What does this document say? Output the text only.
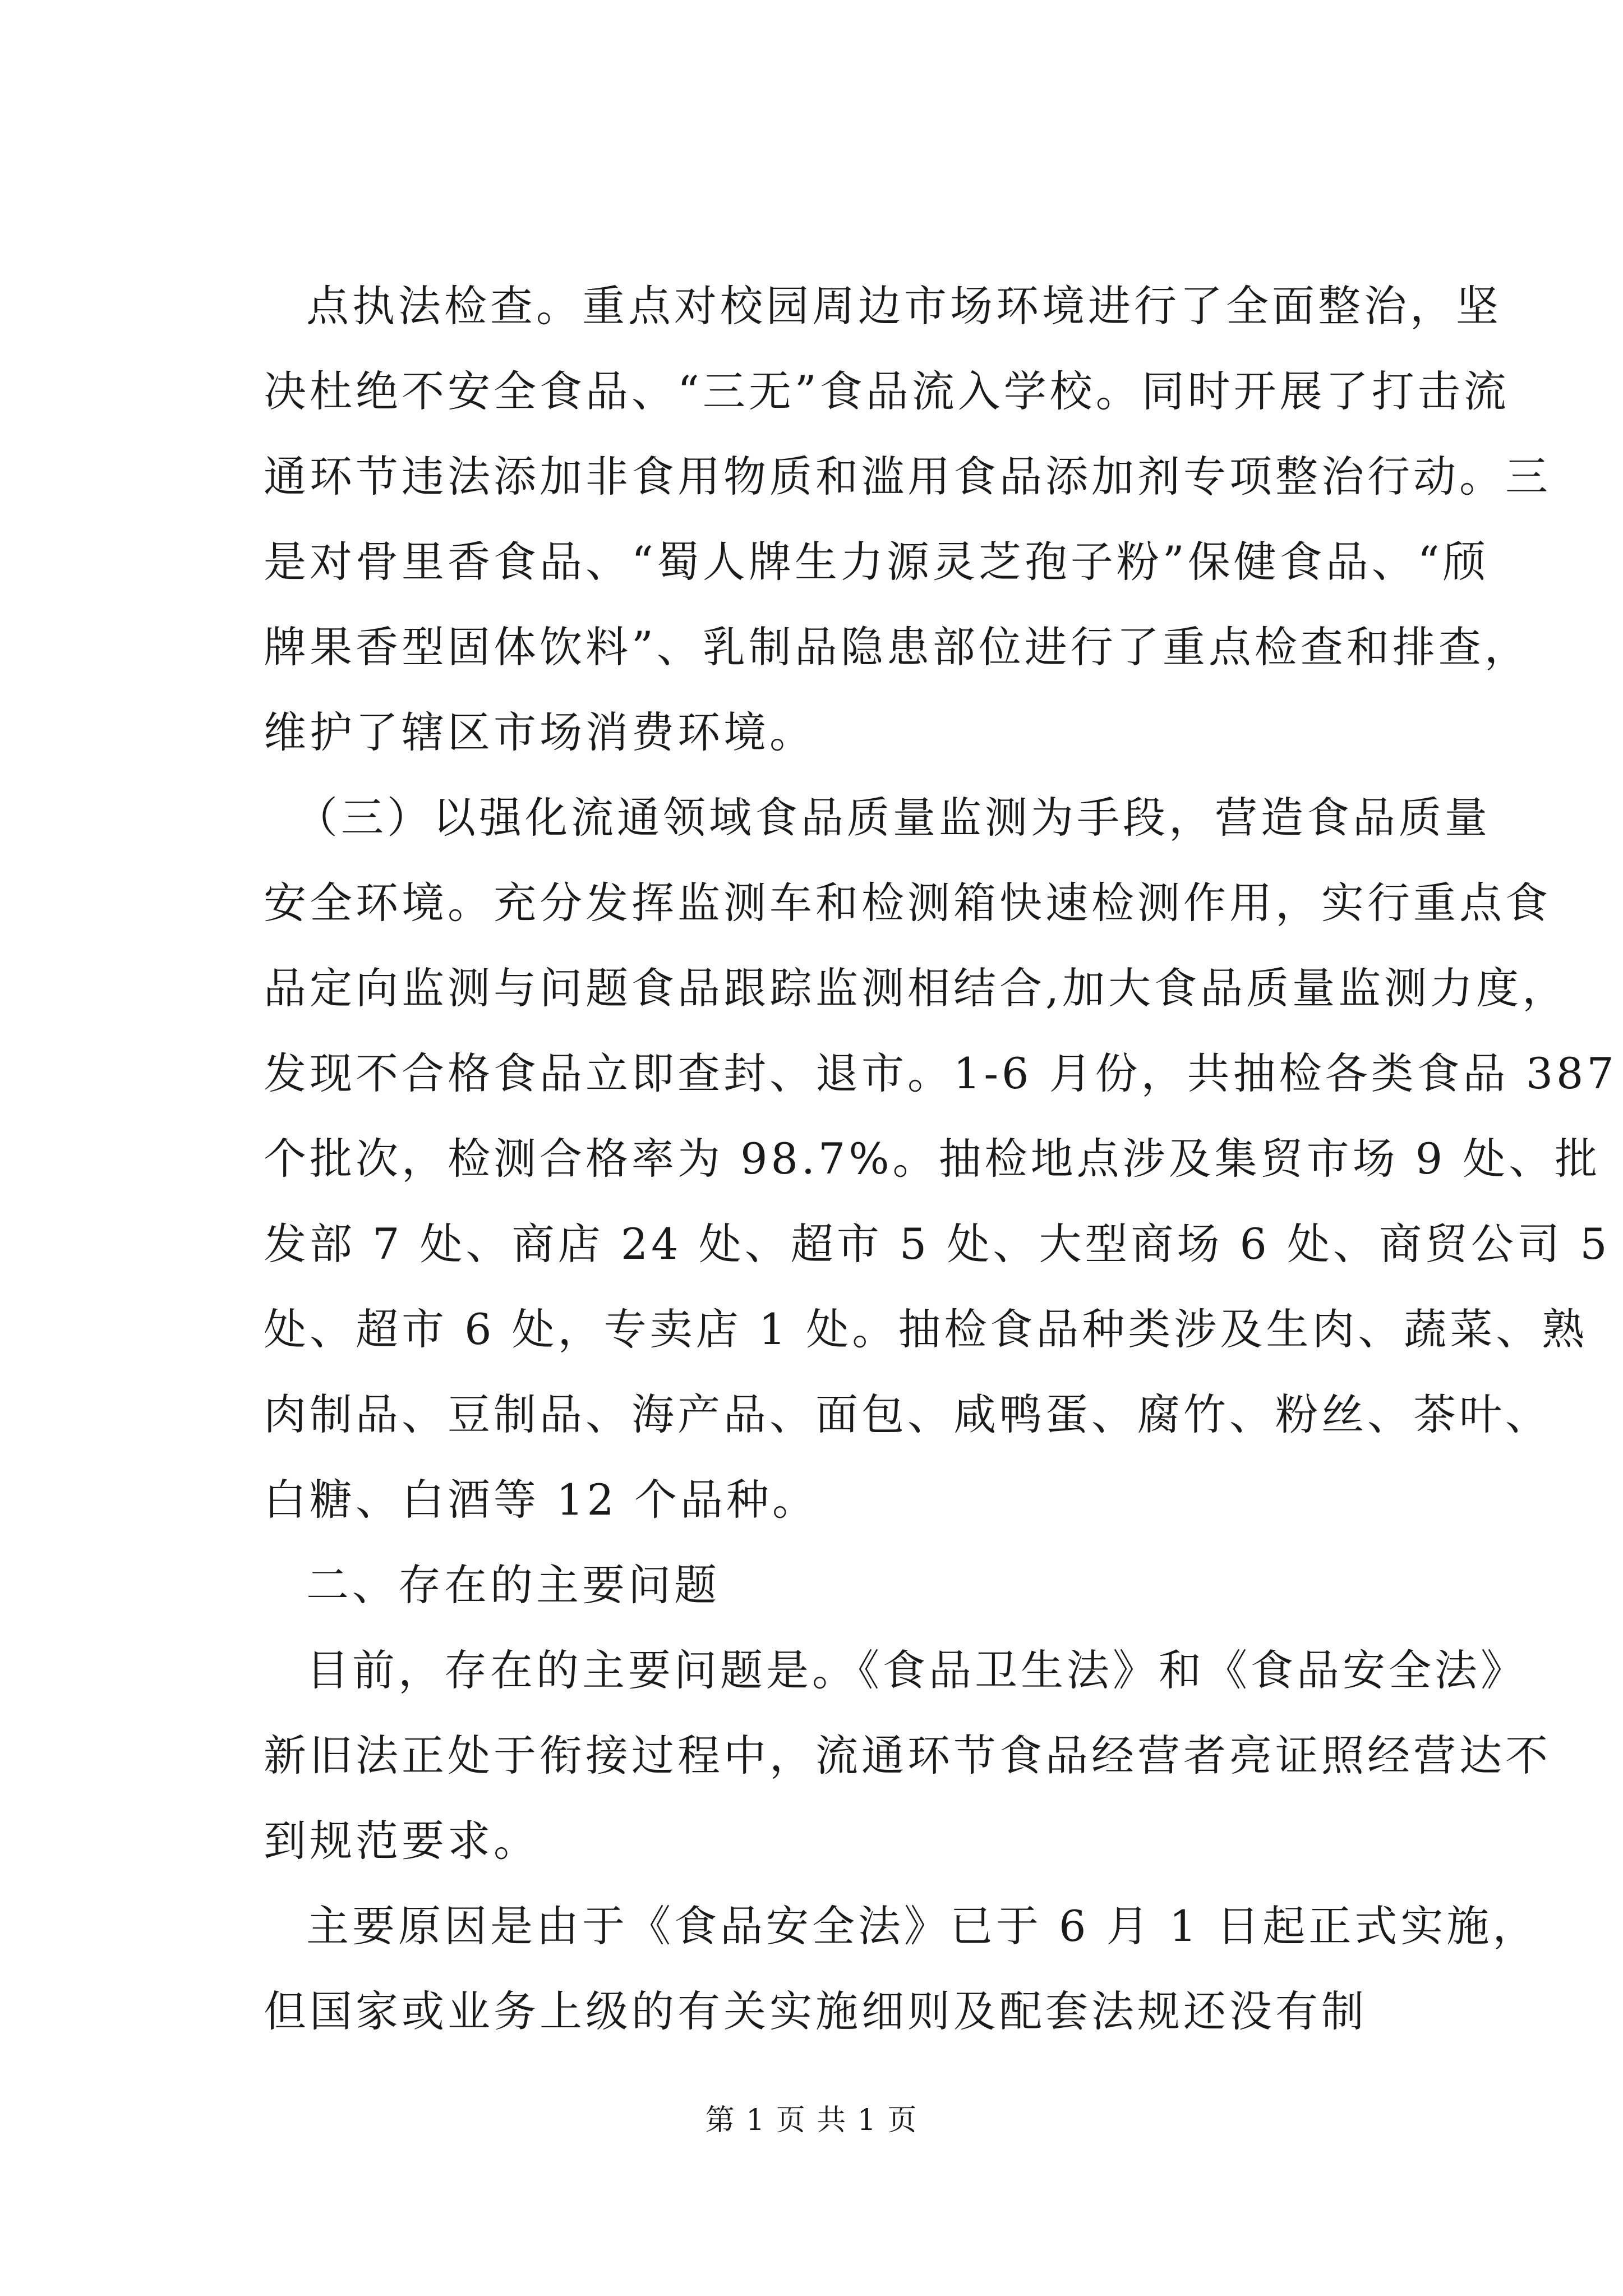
点执法检查。重点对校园周边市场环境进行了全面整治，坚
决杜绝不安全食品、“三无”食品流入学校。同时开展了打击流
通环节违法添加非食用物质和滥用食品添加剂专项整治行动。三
是对骨里香食品、“蜀人牌生力源灵芝孢子粉”保健食品、“颀
牌果香型固体饮料”、乳制品隐患部位进行了重点检查和排查，
维护了辖区市场消费环境。
（三）以强化流通领域食品质量监测为手段，营造食品质量
安全环境。充分发挥监测车和检测箱快速检测作用，实行重点食
品定向监测与问题食品跟踪监测相结合,加大食品质量监测力度，
发现不合格食品立即查封、退市。1-6 月份，共抽检各类食品 387
个批次，检测合格率为 98.7%。抽检地点涉及集贸市场 9 处、批
发部 7 处、商店 24 处、超市 5 处、大型商场 6 处、商贸公司 5
处、超市 6 处，专卖店 1 处。抽检食品种类涉及生肉、蔬菜、熟
肉制品、豆制品、海产品、面包、咸鸭蛋、腐竹、粉丝、茶叶、
白糖、白酒等 12 个品种。
二、存在的主要问题
目前，存在的主要问题是。《食品卫生法》和《食品安全法》
新旧法正处于衔接过程中，流通环节食品经营者亮证照经营达不
到规范要求。
主要原因是由于《食品安全法》已于 6 月 1 日起正式实施，
但国家或业务上级的有关实施细则及配套法规还没有制
第 1 页 共 1 页
